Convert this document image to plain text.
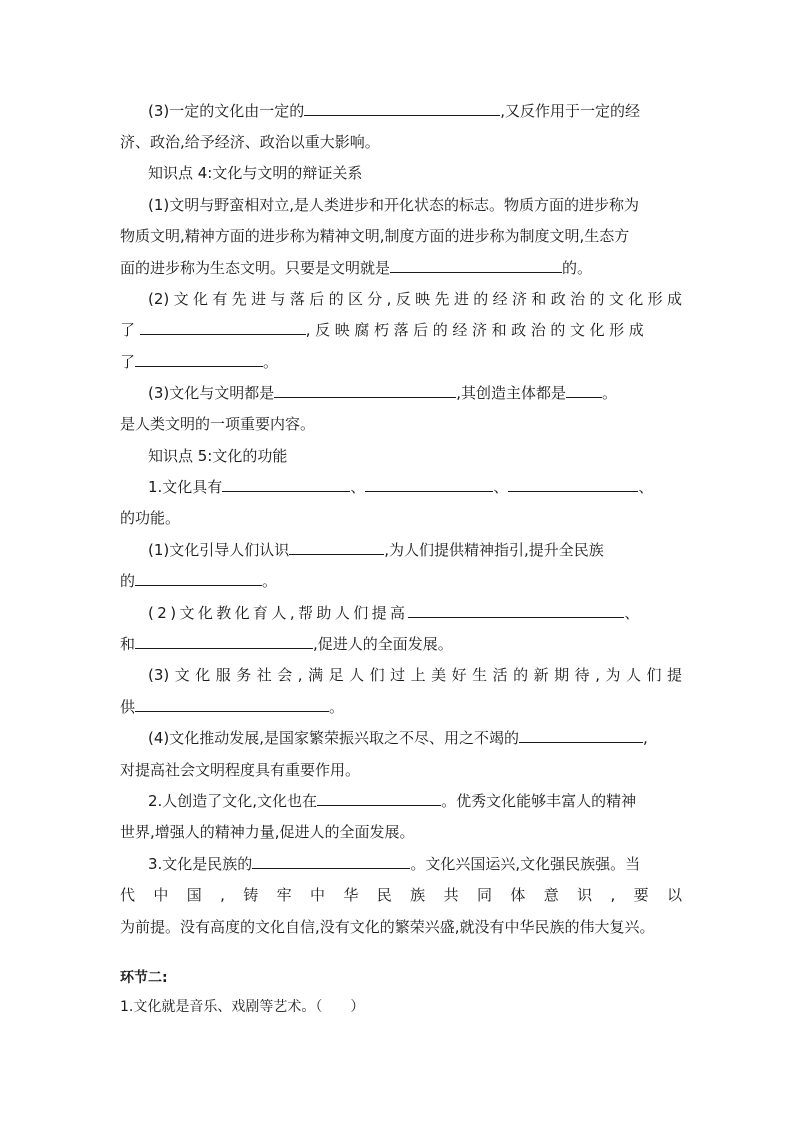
(3)一定的文化由一定的	,又反作用于一定的经
济、政治,给予经济、政治以重大影响。
知识点 4:文化与文明的辩证关系
(1)文明与野蛮相对立,是人类进步和开化状态的标志。物质方面的进步称为
物质文明,精神方面的进步称为精神文明,制度方面的进步称为制度文明,生态方
面的进步称为生态文明。只要是文明就是	的。
(2)文化有先进与落后的区分,反映先进的经济和政治的文化形成
了	,反映腐朽落后的经济和政治的文化形成
了	。
(3)文化与文明都是	,其创造主体都是 。
是人类文明的一项重要内容。
知识点 5:文化的功能
1.文化具有	、	、	、
的功能。
(1)文化引导人们认识	,为人们提供精神指引,提升全民族
的	。
(2)文化教化育人,帮助人们提高	、
和	,促进人的全面发展。
(3)文化服务社会,满足人们过上美好生活的新期待,为人们提
供	。
(4)文化推动发展,是国家繁荣振兴取之不尽、用之不竭的	,
对提高社会文明程度具有重要作用。
2.人创造了文化,文化也在	。优秀文化能够丰富人的精神
世界,增强人的精神力量,促进人的全面发展。
3.文化是民族的	。文化兴国运兴,文化强民族强。当
代中国,铸牢中华民族共同体意识,要以
为前提。没有高度的文化自信,没有文化的繁荣兴盛,就没有中华民族的伟大复兴。
环节二:
1.文化就是音乐、戏剧等艺术。（　　）
